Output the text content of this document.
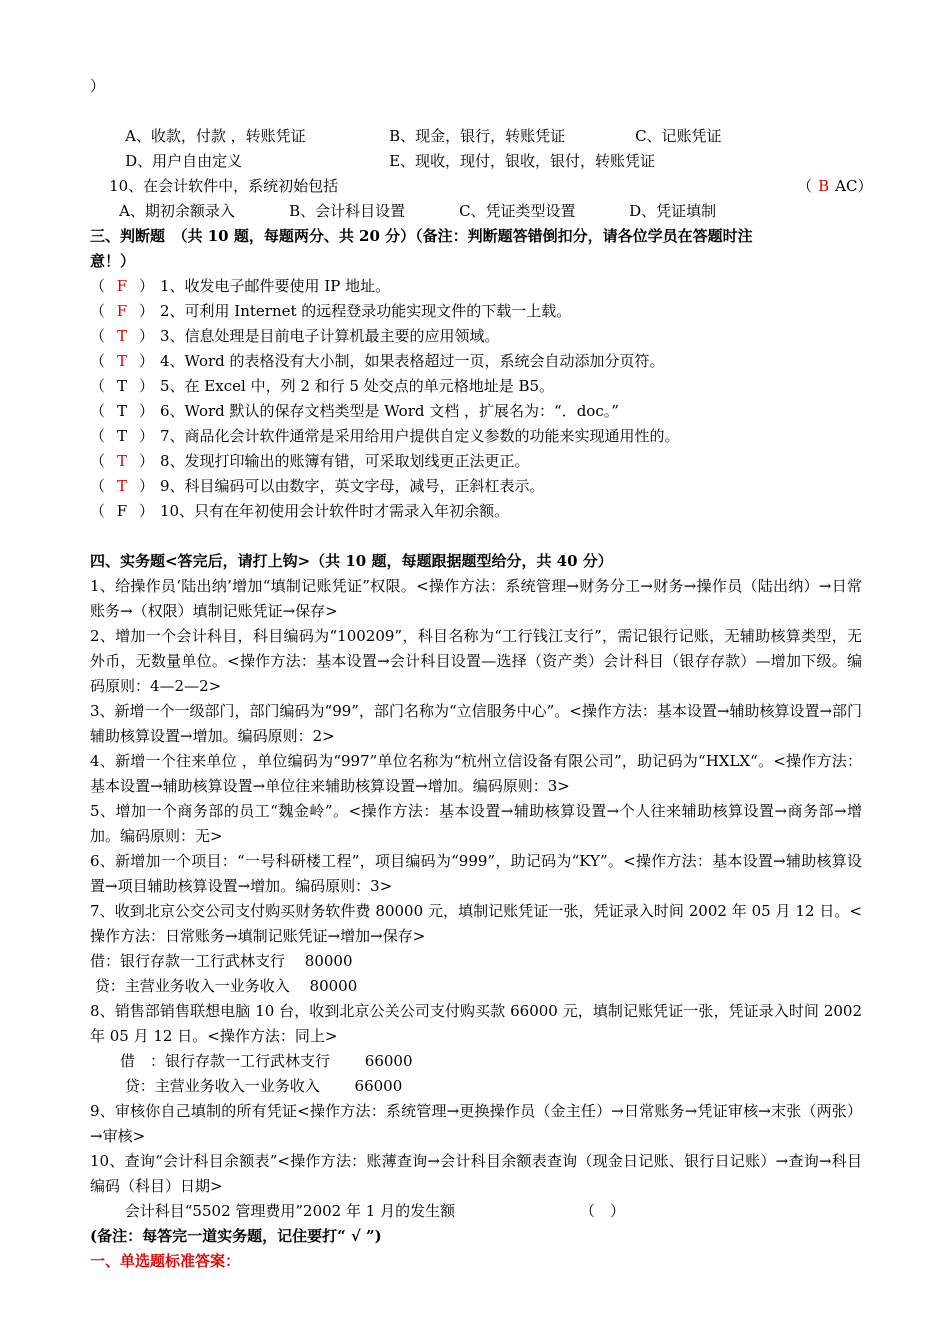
）

A、收款，付款 ，转账凭证	B、现金，银行，转账凭证	C、记账凭证

D、用户自由定义	E、现收，现付，银收，银付，转账凭证

10、在会计软件中，系统初始包括	（ B AC）

A、期初余额录入	B、会计科目设置	C、凭证类型设置	D、凭证填制

三、判断题　（共 10 题，每题两分、共 20 分）（备注：判断题答错倒扣分，请各位学员在答题时注
意！）
（ F ） 1、收发电子邮件要使用 IP 地址。
（ F ） 2、可利用 Internet 的远程登录功能实现文件的下载一上载。
（ T ） 3、信息处理是目前电子计算机最主要的应用领域。
（ T ） 4、Word 的表格没有大小制，如果表格超过一页，系统会自动添加分页符。
（ T ） 5、在 Excel 中，列 2 和行 5 处交点的单元格地址是 B5。
（ T ） 6、Word 默认的保存文档类型是 Word 文档 ，扩展名为：“．doc。”
（ T ） 7、商品化会计软件通常是采用给用户提供自定义参数的功能来实现通用性的。
（ T ） 8、发现打印输出的账簿有错，可采取划线更正法更正。
（ T ） 9、科目编码可以由数字，英文字母，减号，正斜杠表示。
（ F ） 10、只有在年初使用会计软件时才需录入年初余额。
四、实务题<答完后，请打上钩>（共 10 题，每题跟据题型给分，共 40 分）
1、给操作员‘陆出纳’增加“填制记账凭证”权限。<操作方法：系统管理→财务分工→财务→操作员（陆出纳）→日常账务→（权限）填制记账凭证→保存>
2、增加一个会计科目，科目编码为“100209”，科目名称为“工行钱江支行”，需记银行记账，无辅助核算类型，无外币，无数量单位。<操作方法：基本设置→会计科目设置—选择（资产类）会计科目（银存存款）—增加下级。编码原则：4—2—2>
3、新增一个一级部门，部门编码为“99”，部门名称为“立信服务中心”。<操作方法：基本设置→辅助核算设置→部门辅助核算设置→增加。编码原则：2>
4、新增一个往来单位 ，单位编码为“997”单位名称为“杭州立信设备有限公司”，助记码为“HXLX“。<操作方法：基本设置→辅助核算设置→单位往来辅助核算设置→增加。编码原则：3>
5、增加一个商务部的员工“魏金岭”。<操作方法：基本设置→辅助核算设置→个人往来辅助核算设置→商务部→增加。编码原则：无>
6、新增加一个项目：“一号科研楼工程”，项目编码为“999”，助记码为“KY”。<操作方法：基本设置→辅助核算设置→项目辅助核算设置→增加。编码原则：3>
7、收到北京公交公司支付购买财务软件费 80000 元，填制记账凭证一张，凭证录入时间 2002 年 05 月 12 日。<操作方法：日常账务→填制记账凭证→增加→保存>
借：银行存款一工行武林支行　 80000
贷：主营业务收入一业务收入　 80000
8、销售部销售联想电脑 10 台，收到北京公关公司支付购买款 66000 元，填制记账凭证一张，凭证录入时间 2002 年 05 月 12 日。<操作方法：同上>
　　借　：银行存款一工行武林支行　　 66000
　　 贷：主营业务收入一业务收入　　 66000
9、审核你自己填制的所有凭证<操作方法：系统管理→更换操作员（金主任）→日常账务→凭证审核→末张（两张）→审核>
10、查询“会计科目余额表”<操作方法：账薄查询→会计科目余额表查询（现金日记账、银行日记账）→查询→科目编码（科目）日期>
　　 会计科目“5502 管理费用”2002 年 1 月的发生额	（　）
(备注：每答完一道实务题，记住要打“ √ ”)
一、单选题标准答案：
